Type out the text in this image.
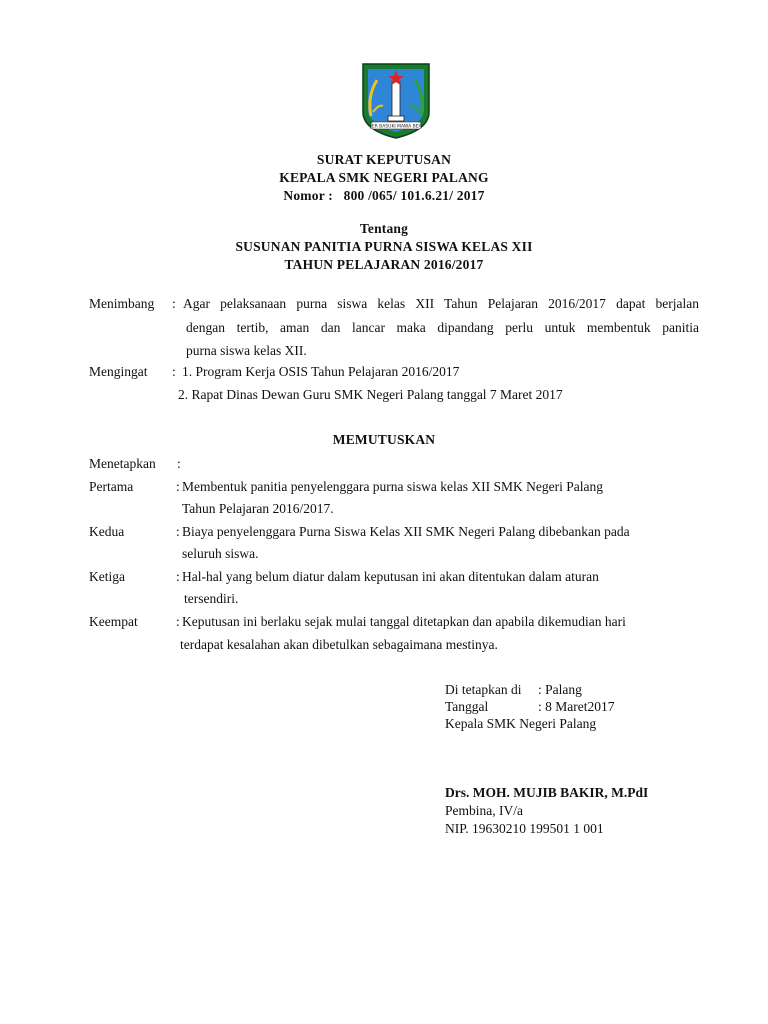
JER BASUKI MAWA BEA
SURAT KEPUTUSAN
KEPALA SMK NEGERI PALANG
Nomor : 800 /065/ 101.6.21/ 2017
Tentang
SUSUNAN PANITIA PURNA SISWA KELAS XII
TAHUN PELAJARAN 2016/2017
Menimbang : Agar pelaksanaan purna siswa kelas XII Tahun Pelajaran 2016/2017 dapat berjalan
dengan tertib, aman dan lancar maka dipandang perlu untuk membentuk panitia
purna siswa kelas XII.
Mengingat : 1. Program Kerja OSIS Tahun Pelajaran 2016/2017
2. Rapat Dinas Dewan Guru SMK Negeri Palang tanggal 7 Maret 2017
MEMUTUSKAN
Menetapkan :
Pertama	: Membentuk panitia penyelenggara purna siswa kelas XII SMK Negeri Palang
Tahun Pelajaran 2016/2017.
Kedua	: Biaya penyelenggara Purna Siswa Kelas XII SMK Negeri Palang dibebankan pada
seluruh siswa.
Ketiga	: Hal-hal yang belum diatur dalam keputusan ini akan ditentukan dalam aturan
tersendiri.
Keempat	: Keputusan ini berlaku sejak mulai tanggal ditetapkan dan apabila dikemudian hari
terdapat kesalahan akan dibetulkan sebagaimana mestinya.
Di tetapkan di : Palang
Tanggal	: 8 Maret2017
Kepala SMK Negeri Palang
Drs. MOH. MUJIB BAKIR, M.PdI
Pembina, IV/a
NIP. 19630210 199501 1 001
